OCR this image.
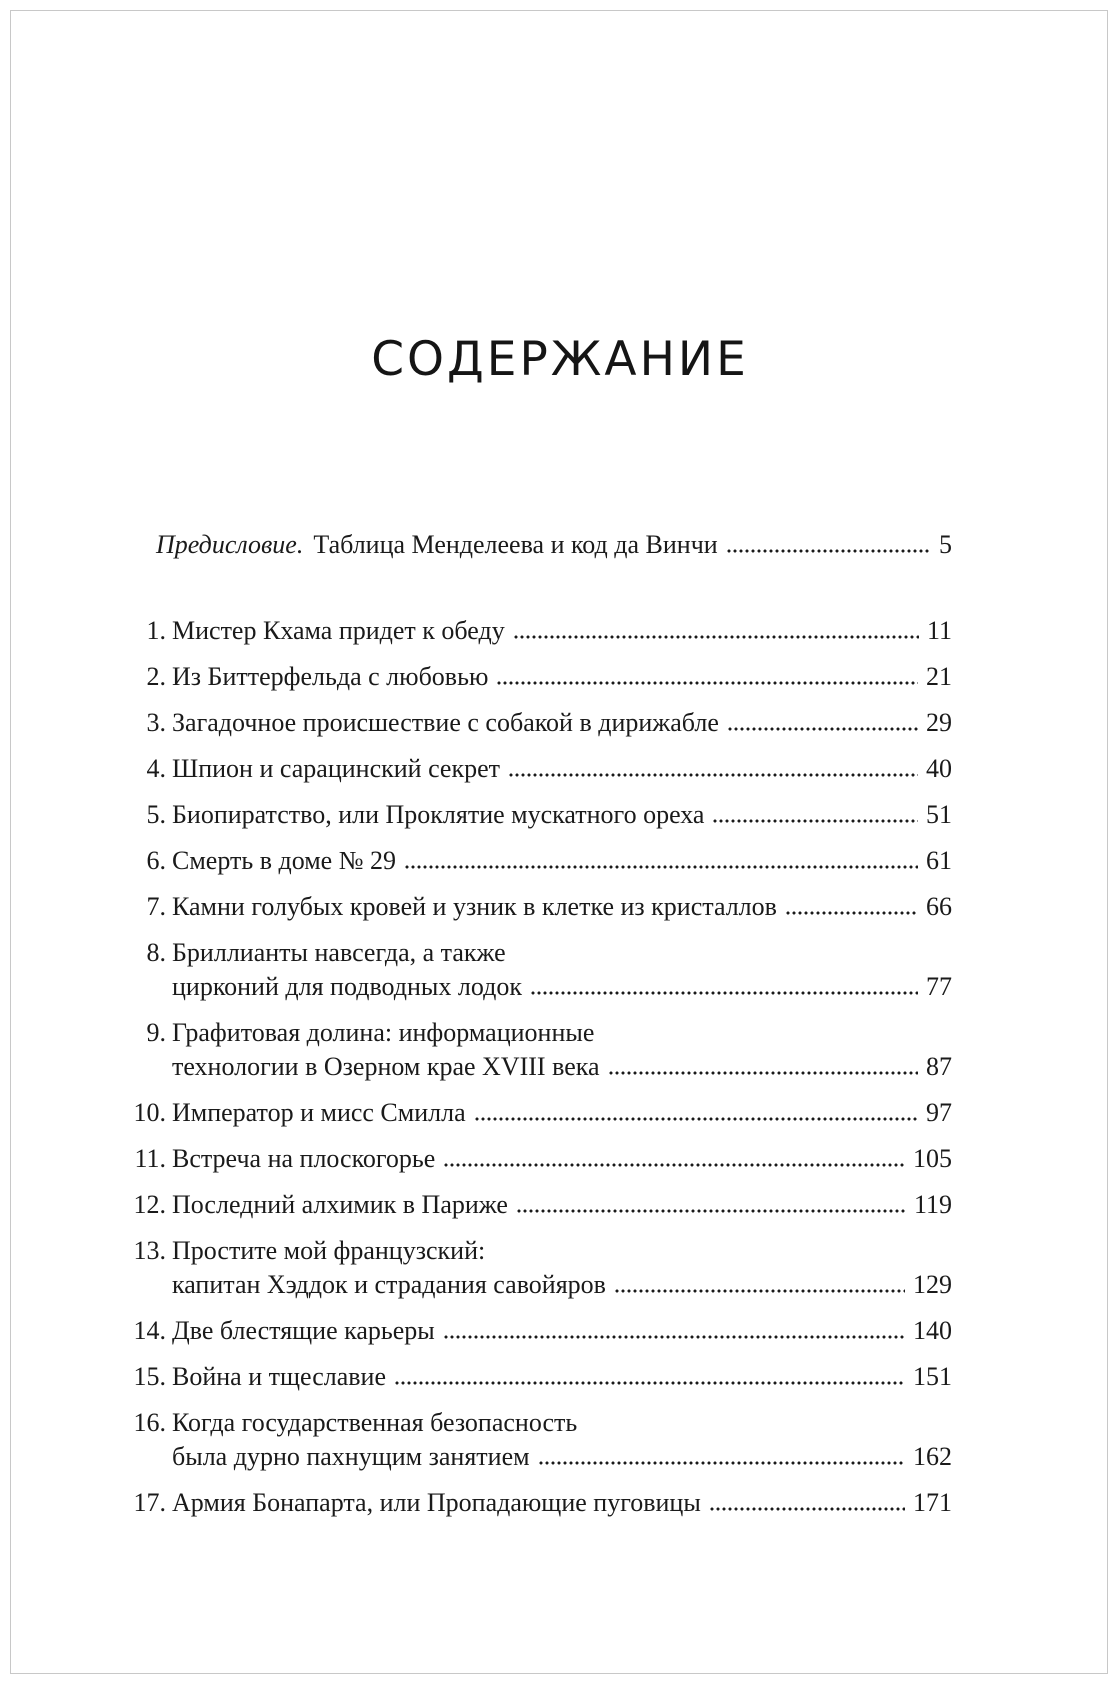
СОДЕРЖАНИЕ
Предисловие. Таблица Менделеева и код да Винчи	5
1. Мистер Кхама придет к обеду	11
2. Из Биттерфельда с любовью	21
3. Загадочное происшествие с собакой в дирижабле	29
4. Шпион и сарацинский секрет	40
5. Биопиратство, или Проклятие мускатного ореха	51
6. Смерть в доме № 29	61
7. Камни голубых кровей и узник в клетке из кристаллов	66
8. Бриллианты навсегда, а также
цирконий для подводных лодок	77
9. Графитовая долина: информационные
технологии в Озерном крае XVIII века	87
10. Император и мисс Смилла	97
11. Встреча на плоскогорье	105
12. Последний алхимик в Париже	119
13. Простите мой французский:
капитан Хэддок и страдания савойяров	129
14. Две блестящие карьеры	140
15. Война и тщеславие	151
16. Когда государственная безопасность
была дурно пахнущим занятием	162
17. Армия Бонапарта, или Пропадающие пуговицы	171
